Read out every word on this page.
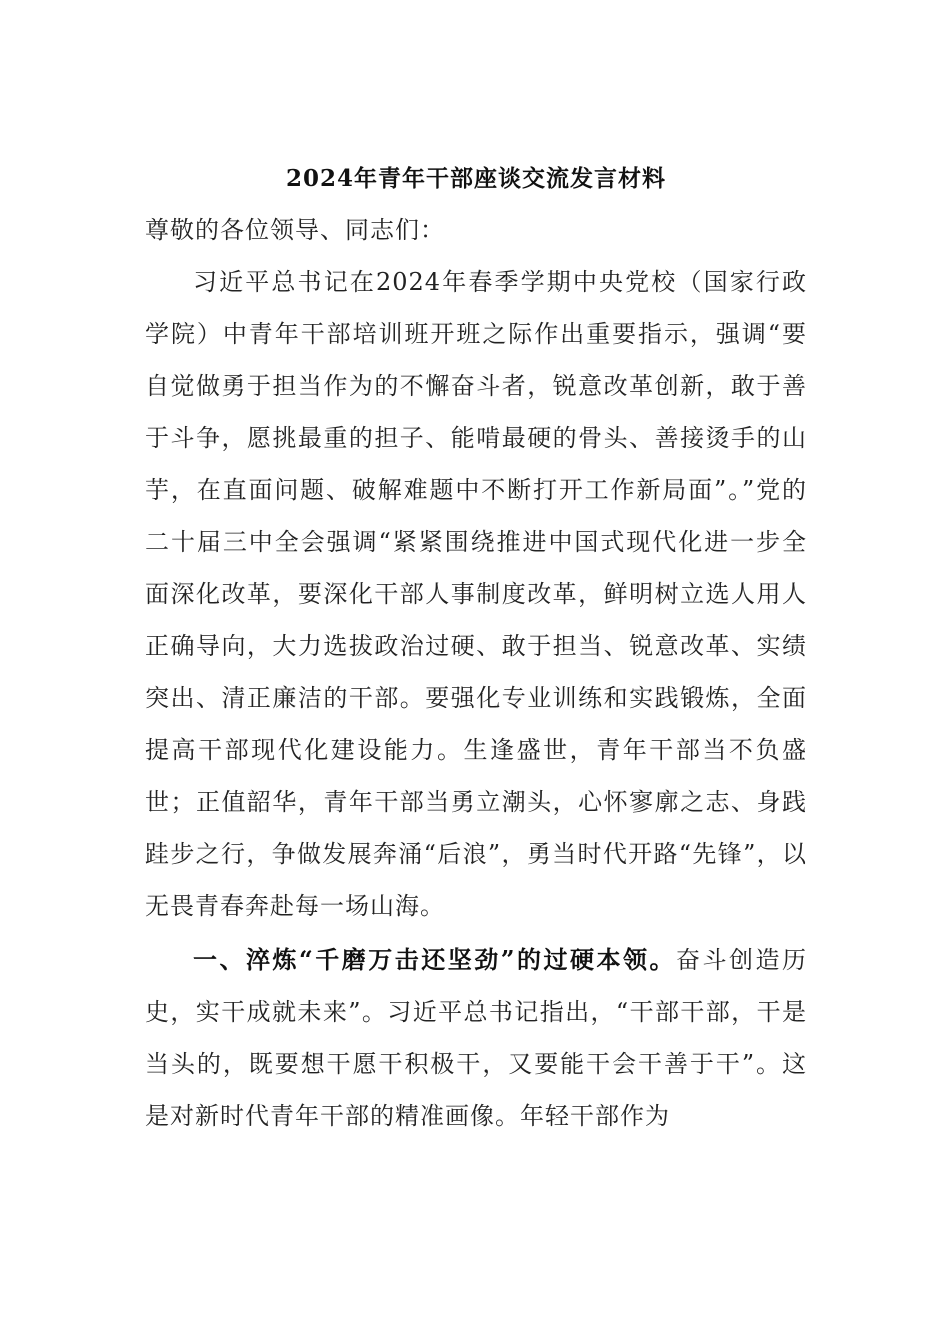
2024年青年干部座谈交流发言材料

尊敬的各位领导、同志们：

习近平总书记在2024年春季学期中央党校（国家行政学院）中青年干部培训班开班之际作出重要指示，强调“要自觉做勇于担当作为的不懈奋斗者，锐意改革创新，敢于善于斗争，愿挑最重的担子、能啃最硬的骨头、善接烫手的山芋，在直面问题、破解难题中不断打开工作新局面”。”党的二十届三中全会强调“紧紧围绕推进中国式现代化进一步全面深化改革，要深化干部人事制度改革，鲜明树立选人用人正确导向，大力选拔政治过硬、敢于担当、锐意改革、实绩突出、清正廉洁的干部。要强化专业训练和实践锻炼，全面提高干部现代化建设能力。生逢盛世，青年干部当不负盛世；正值韶华，青年干部当勇立潮头，心怀寥廓之志、身践跬步之行，争做发展奔涌“后浪”，勇当时代开路“先锋”，以无畏青春奔赴每一场山海。

一、淬炼“千磨万击还坚劲”的过硬本领。奋斗创造历史，实干成就未来”。习近平总书记指出，“干部干部，干是当头的，既要想干愿干积极干，又要能干会干善于干”。这是对新时代青年干部的精准画像。年轻干部作为
